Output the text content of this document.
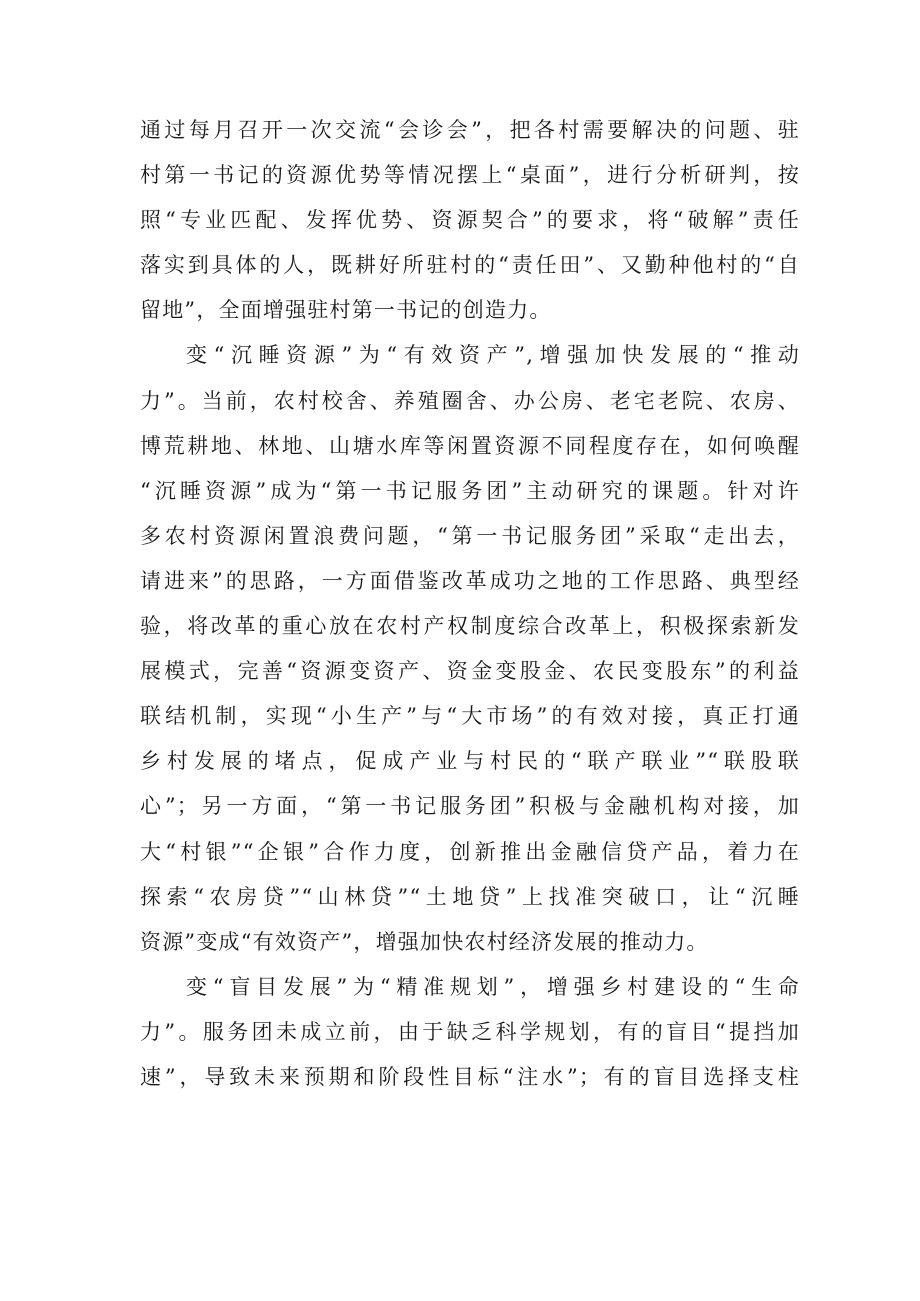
通过每月召开一次交流“会诊会”，把各村需要解决的问题、驻
村第一书记的资源优势等情况摆上“桌面”，进行分析研判，按
照“专业匹配、发挥优势、资源契合”的要求，将“破解”责任
落实到具体的人，既耕好所驻村的“责任田”、又勤种他村的“自
留地”，全面增强驻村第一书记的创造力。
变“沉睡资源”为“有效资产”,增强加快发展的“推动
力”。当前，农村校舍、养殖圈舍、办公房、老宅老院、农房、
博荒耕地、林地、山塘水库等闲置资源不同程度存在，如何唤醒
“沉睡资源”成为“第一书记服务团”主动研究的课题。针对许
多农村资源闲置浪费问题，“第一书记服务团”采取“走出去，
请进来”的思路，一方面借鉴改革成功之地的工作思路、典型经
验，将改革的重心放在农村产权制度综合改革上，积极探索新发
展模式，完善“资源变资产、资金变股金、农民变股东”的利益
联结机制，实现“小生产”与“大市场”的有效对接，真正打通
乡村发展的堵点，促成产业与村民的“联产联业”“联股联
心”；另一方面，“第一书记服务团”积极与金融机构对接，加
大“村银”“企银”合作力度，创新推出金融信贷产品，着力在
探索“农房贷”“山林贷”“土地贷”上找准突破口，让“沉睡
资源”变成“有效资产”，增强加快农村经济发展的推动力。
变“盲目发展”为“精准规划”，增强乡村建设的“生命
力”。服务团未成立前，由于缺乏科学规划，有的盲目“提挡加
速”，导致未来预期和阶段性目标“注水”；有的盲目选择支柱
